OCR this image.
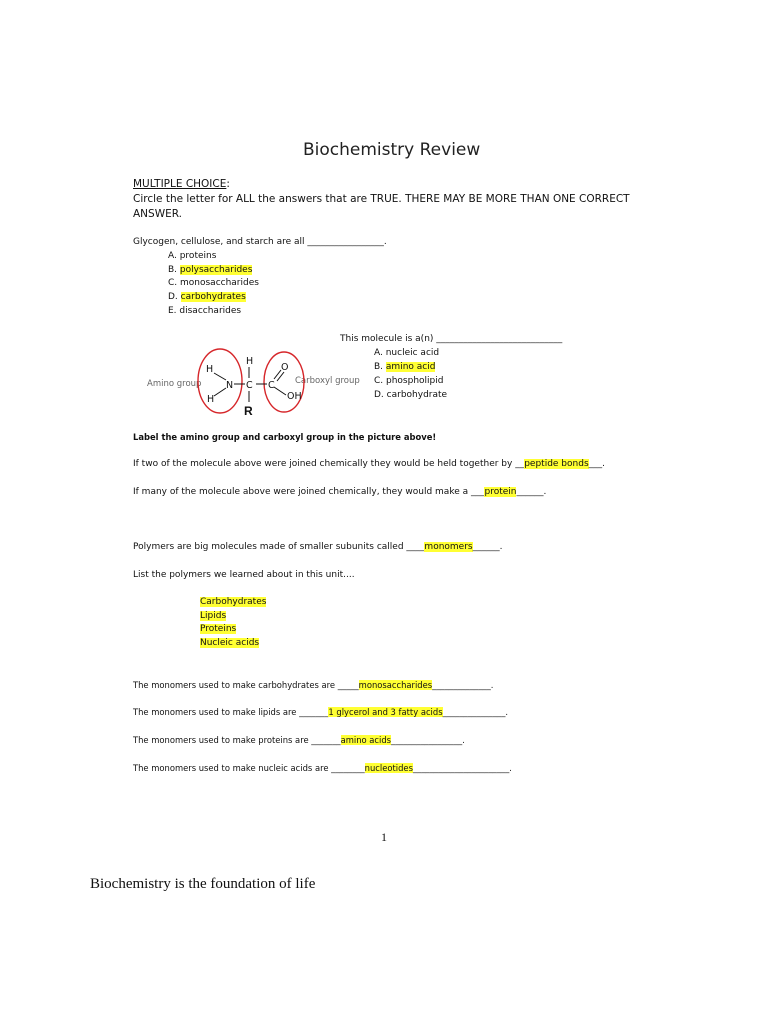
Biochemistry Review
MULTIPLE CHOICE:
Circle the letter for ALL the answers that are TRUE. THERE MAY BE MORE THAN ONE CORRECT
ANSWER.
Glycogen, cellulose, and starch are all _________________.
A. proteins
B. polysaccharides
C. monosaccharides
D. carbohydrates
E. disaccharides
This molecule is a(n) ____________________________
A. nucleic acid
B. amino acid
C. phospholipid
D. carbohydrate
Amino group	Carboxyl group
H
H
N C C
H
O
OH
R
Label the amino group and carboxyl group in the picture above!
If two of the molecule above were joined chemically they would be held together by __peptide bonds___.
If many of the molecule above were joined chemically, they would make a ___protein______.
Polymers are big molecules made of smaller subunits called ____monomers______.
List the polymers we learned about in this unit....
Carbohydrates
Lipids
Proteins
Nucleic acids
The monomers used to make carbohydrates are _____monosaccharides______________.
The monomers used to make lipids are _______1 glycerol and 3 fatty acids_______________.
The monomers used to make proteins are _______amino acids_________________.
The monomers used to make nucleic acids are ________nucleotides_______________________.
1
Biochemistry is the foundation of life
